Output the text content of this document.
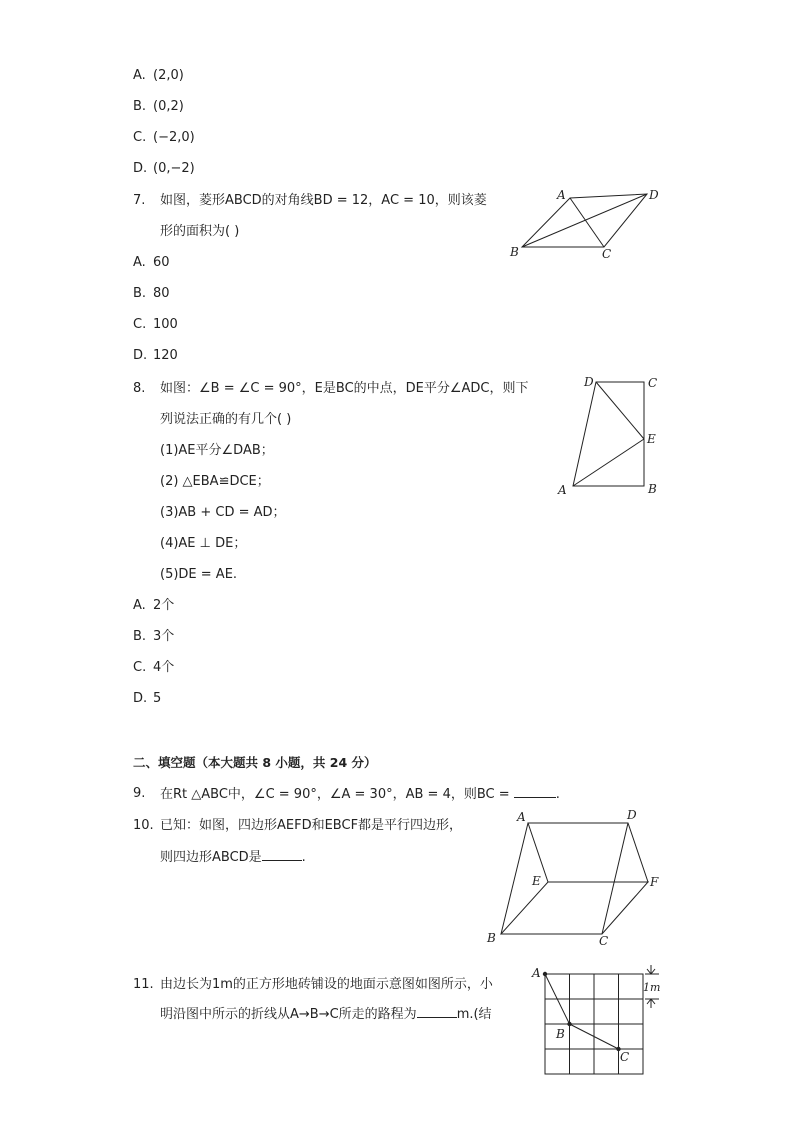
A. (2,0)
B. (0,2)
C. (−2,0)
D. (0,−2)
7. 如图，菱形ABCD的对角线BD = 12，AC = 10，则该菱
形的面积为( )
A. 60
B. 80
C. 100
D. 120
A	D
B	C
8. 如图：∠B = ∠C = 90°，E是BC的中点，DE平分∠ADC，则下
列说法正确的有几个( )
(1)AE平分∠DAB；
(2) △EBA≌DCE；
(3)AB + CD = AD；
(4)AE ⊥ DE；
(5)DE = AE.
A. 2个
B. 3个
C. 4个
D. 5
D	C
E
A	B
二、填空题（本大题共 8 小题，共 24 分）
9. 在Rt △ABC中，∠C = 90°，∠A = 30°，AB = 4，则BC =	.
10. 已知：如图，四边形AEFD和EBCF都是平行四边形，
则四边形ABCD是	.
A	D
E	F
B	C
11. 由边长为1m的正方形地砖铺设的地面示意图如图所示，小
明沿图中所示的折线从A→B→C所走的路程为	m.(结
A
B
C
1m
